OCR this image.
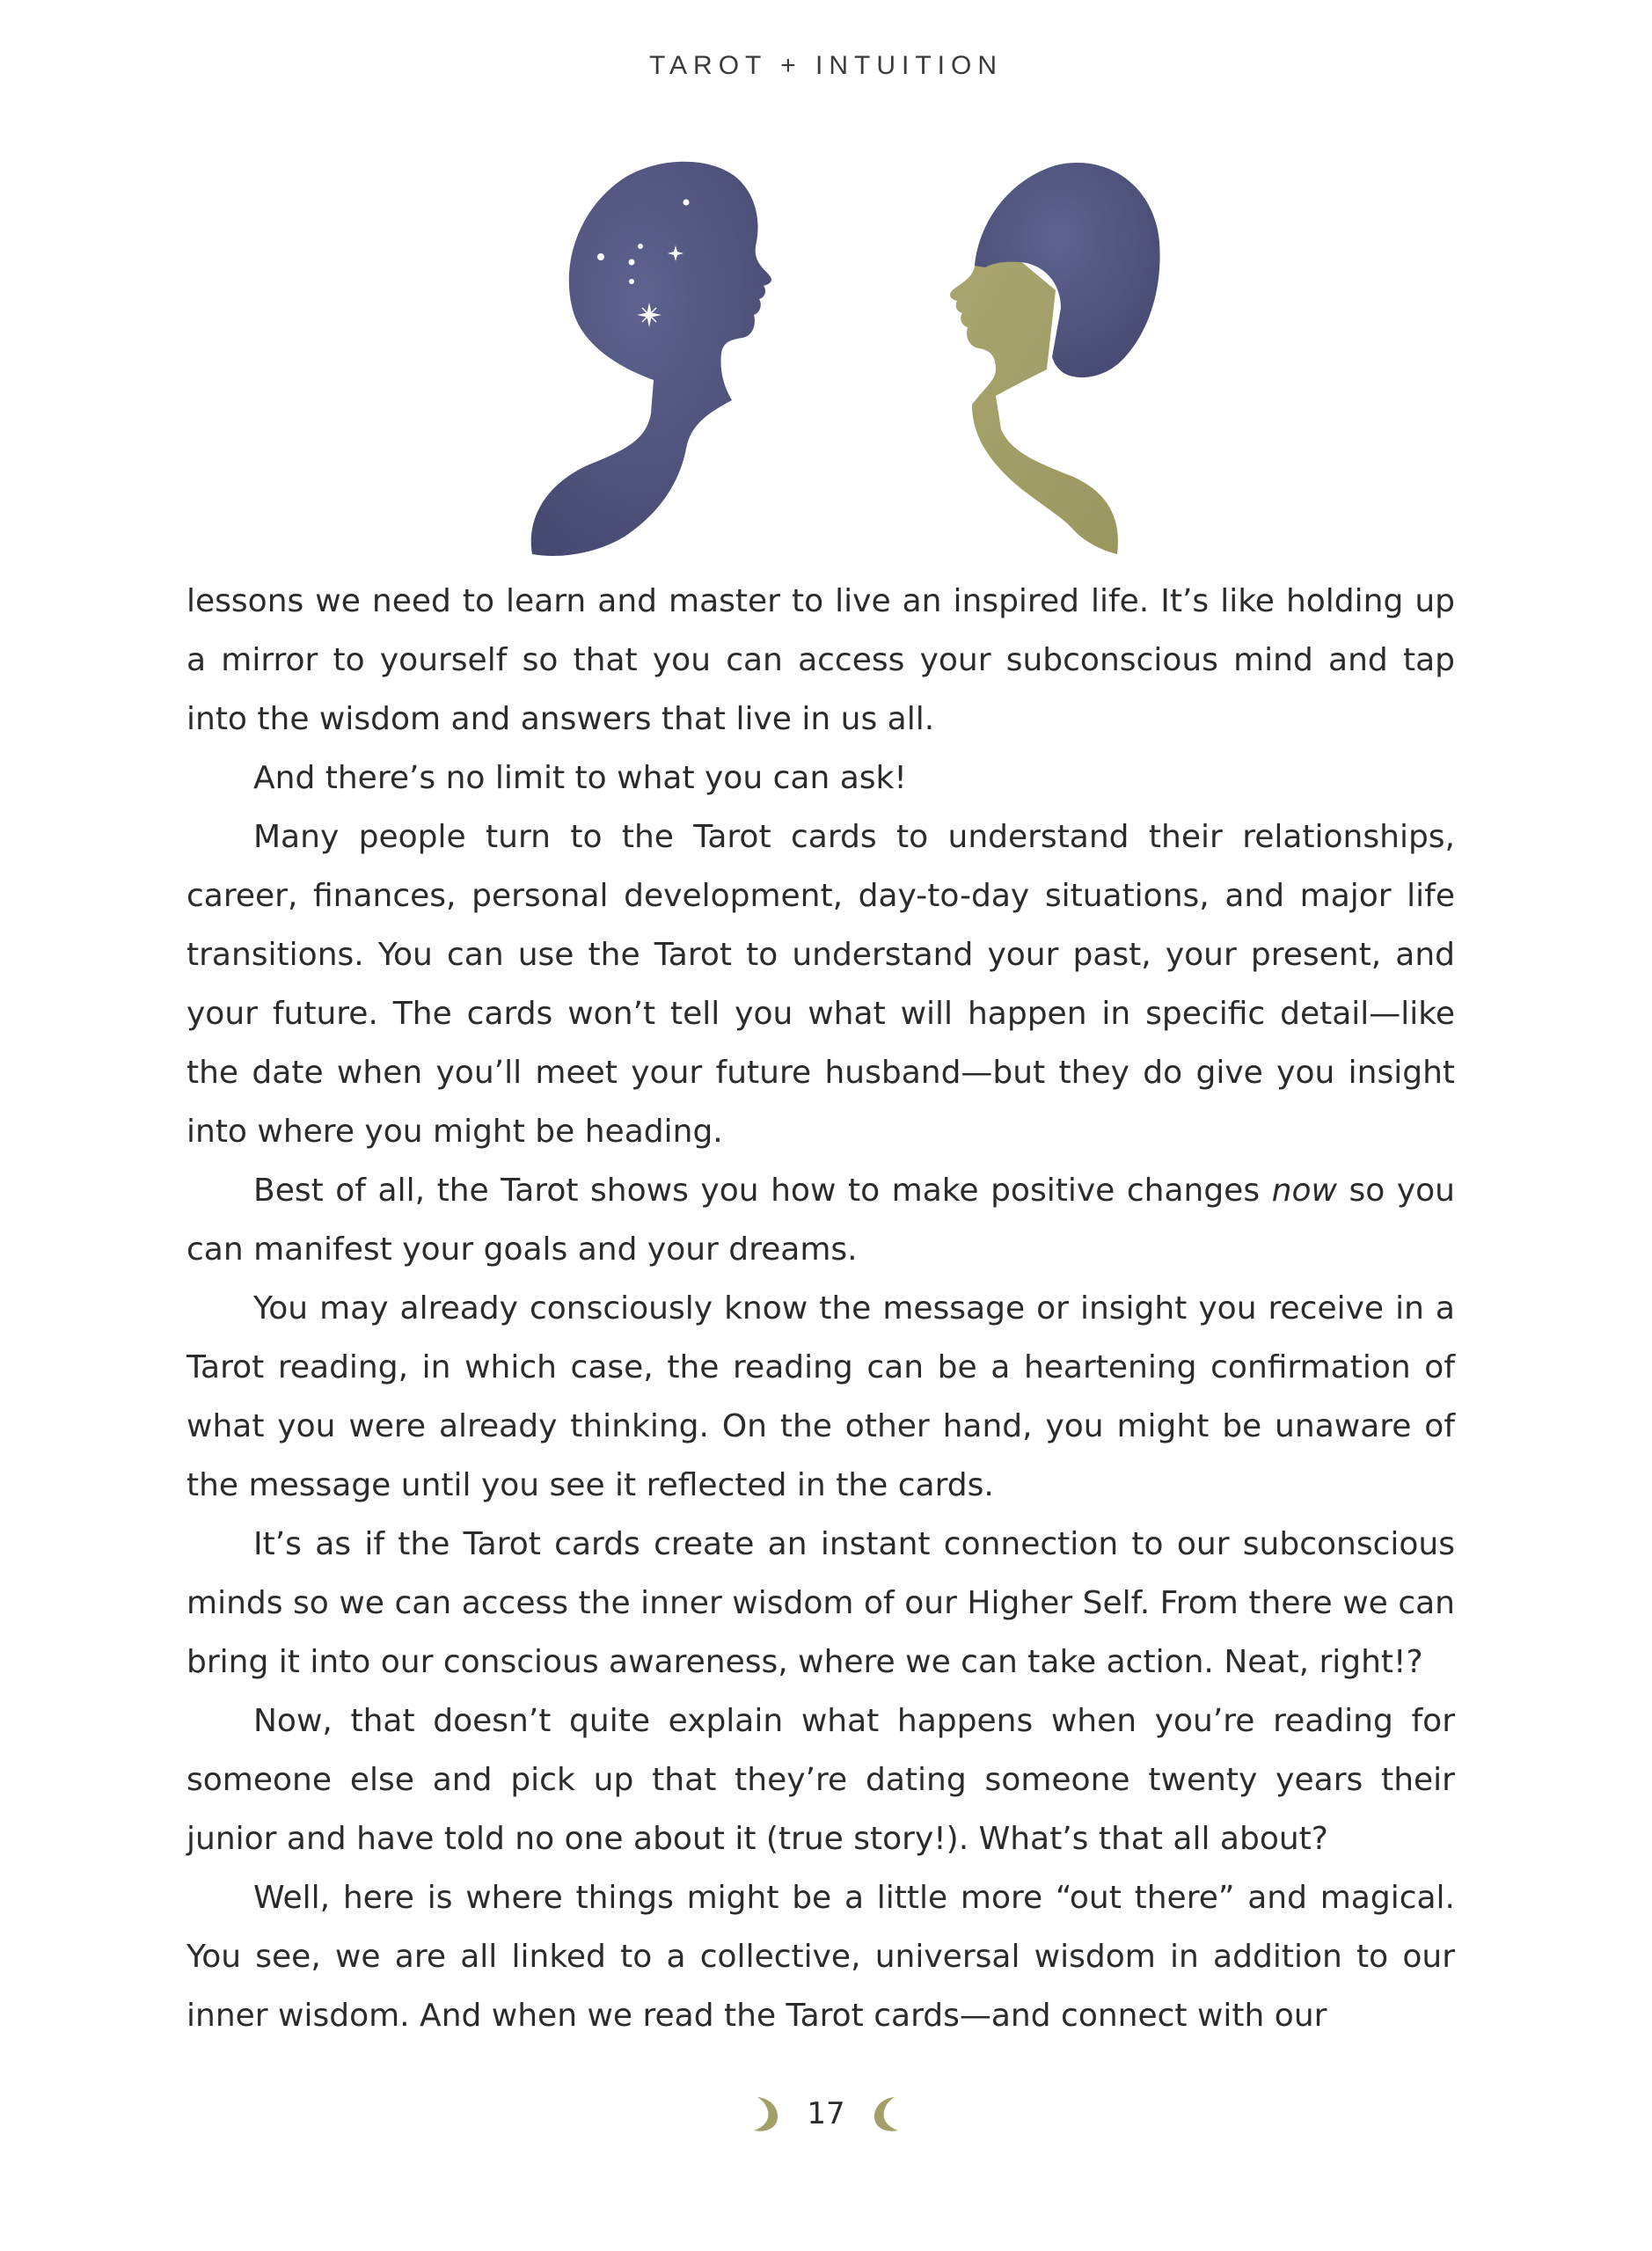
TAROT + INTUITION

lessons we need to learn and master to live an inspired life. It’s like holding up a mirror to yourself so that you can access your subconscious mind and tap into the wisdom and answers that live in us all.

And there’s no limit to what you can ask!

Many people turn to the Tarot cards to understand their relationships, career, finances, personal development, day-to-day situations, and major life transitions. You can use the Tarot to understand your past, your present, and your future. The cards won’t tell you what will happen in specific detail—like the date when you’ll meet your future husband—but they do give you insight into where you might be heading.

Best of all, the Tarot shows you how to make positive changes now so you can manifest your goals and your dreams.

You may already consciously know the message or insight you receive in a Tarot reading, in which case, the reading can be a heartening confirmation of what you were already thinking. On the other hand, you might be unaware of the message until you see it reflected in the cards.

It’s as if the Tarot cards create an instant connection to our subconscious minds so we can access the inner wisdom of our Higher Self. From there we can bring it into our conscious awareness, where we can take action. Neat, right!?

Now, that doesn’t quite explain what happens when you’re reading for someone else and pick up that they’re dating someone twenty years their junior and have told no one about it (true story!). What’s that all about?

Well, here is where things might be a little more “out there” and magical. You see, we are all linked to a collective, universal wisdom in addition to our inner wisdom. And when we read the Tarot cards—and connect with our

17
